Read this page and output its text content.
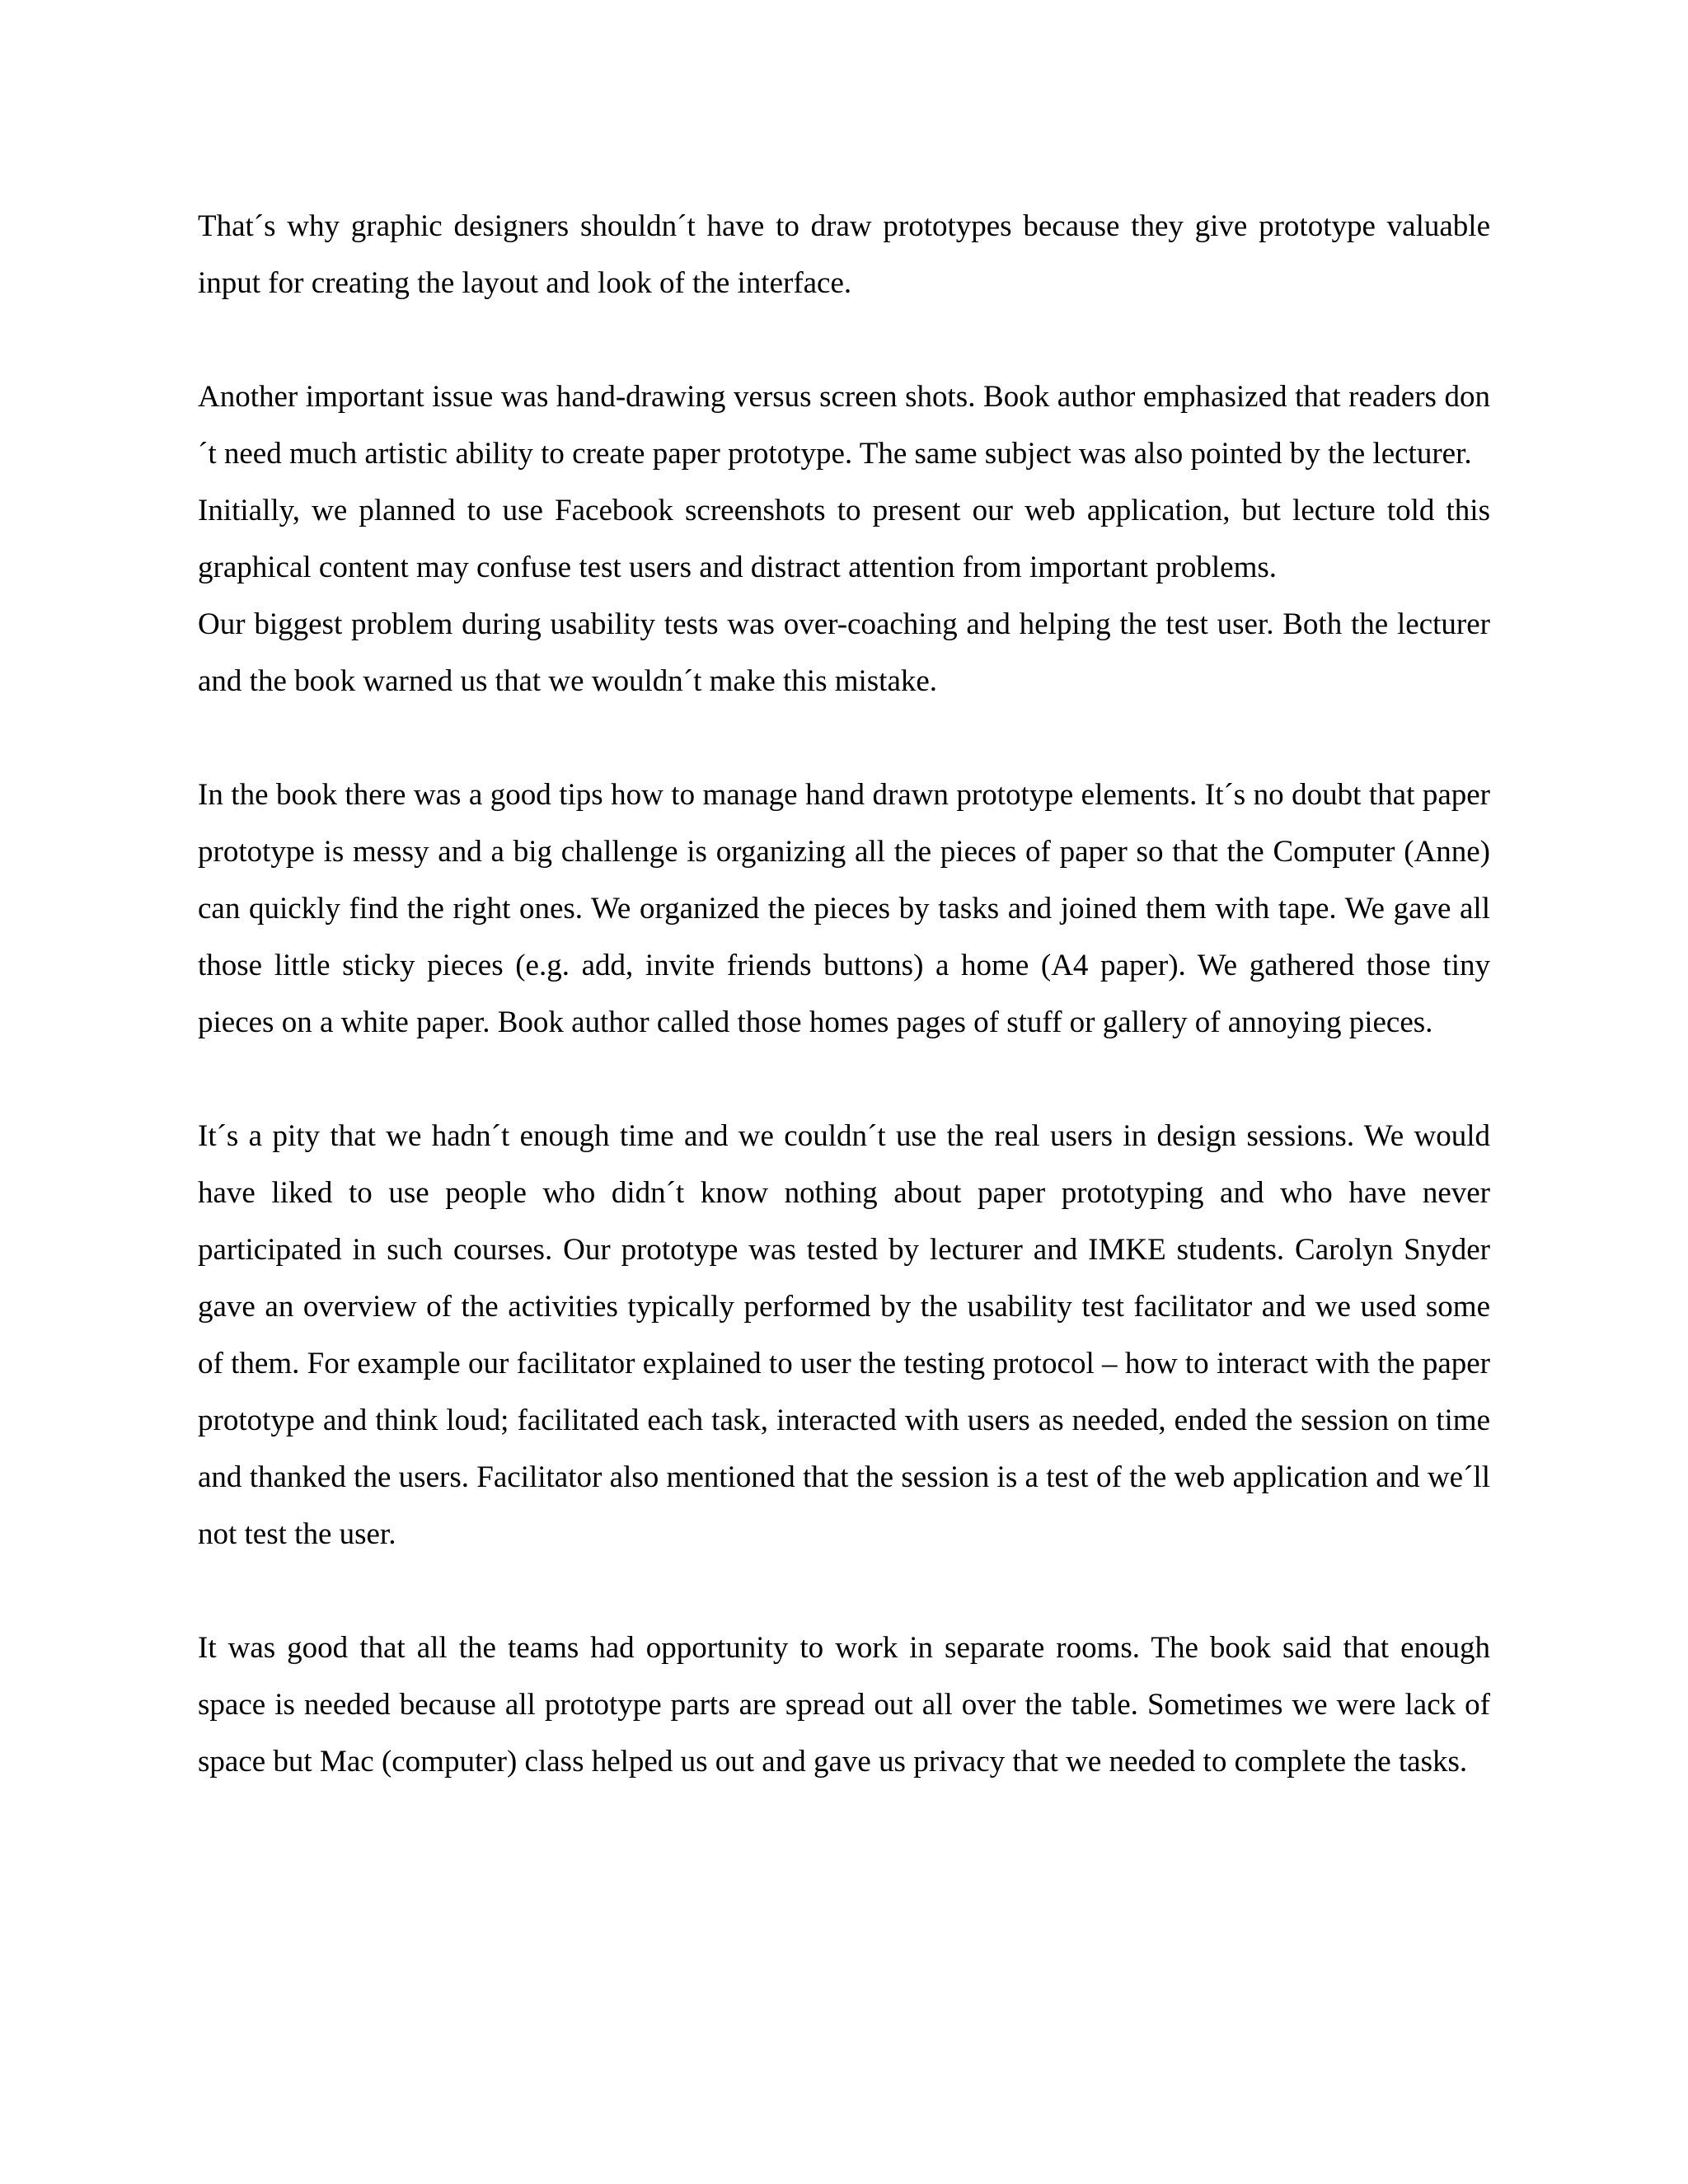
That´s why graphic designers shouldn´t have to draw prototypes because they give prototype valuable input for creating the layout and look of the interface.

Another important issue was hand-drawing versus screen shots. Book author emphasized that readers don´t need much artistic ability to create paper prototype. The same subject was also pointed by the lecturer.

Initially, we planned to use Facebook screenshots to present our web application, but lecture told this graphical content may confuse test users and distract attention from important problems.

Our biggest problem during usability tests was over-coaching and helping the test user. Both the lecturer and the book warned us that we wouldn´t make this mistake.

In the book there was a good tips how to manage hand drawn prototype elements. It´s no doubt that paper prototype is messy and a big challenge is organizing all the pieces of paper so that the Computer (Anne) can quickly find the right ones. We organized the pieces by tasks and joined them with tape. We gave all those little sticky pieces (e.g. add, invite friends buttons) a home (A4 paper). We gathered those tiny pieces on a white paper. Book author called those homes pages of stuff or gallery of annoying pieces.

It´s a pity that we hadn´t enough time and we couldn´t use the real users in design sessions. We would have liked to use people who didn´t know nothing about paper prototyping and who have never participated in such courses. Our prototype was tested by lecturer and IMKE students. Carolyn Snyder gave an overview of the activities typically performed by the usability test facilitator and we used some of them. For example our facilitator explained to user the testing protocol – how to interact with the paper prototype and think loud; facilitated each task, interacted with users as needed, ended the session on time and thanked the users. Facilitator also mentioned that the session is a test of the web application and we´ll not test the user.

It was good that all the teams had opportunity to work in separate rooms. The book said that enough space is needed because all prototype parts are spread out all over the table. Sometimes we were lack of space but Mac (computer) class helped us out and gave us privacy that we needed to complete the tasks.
